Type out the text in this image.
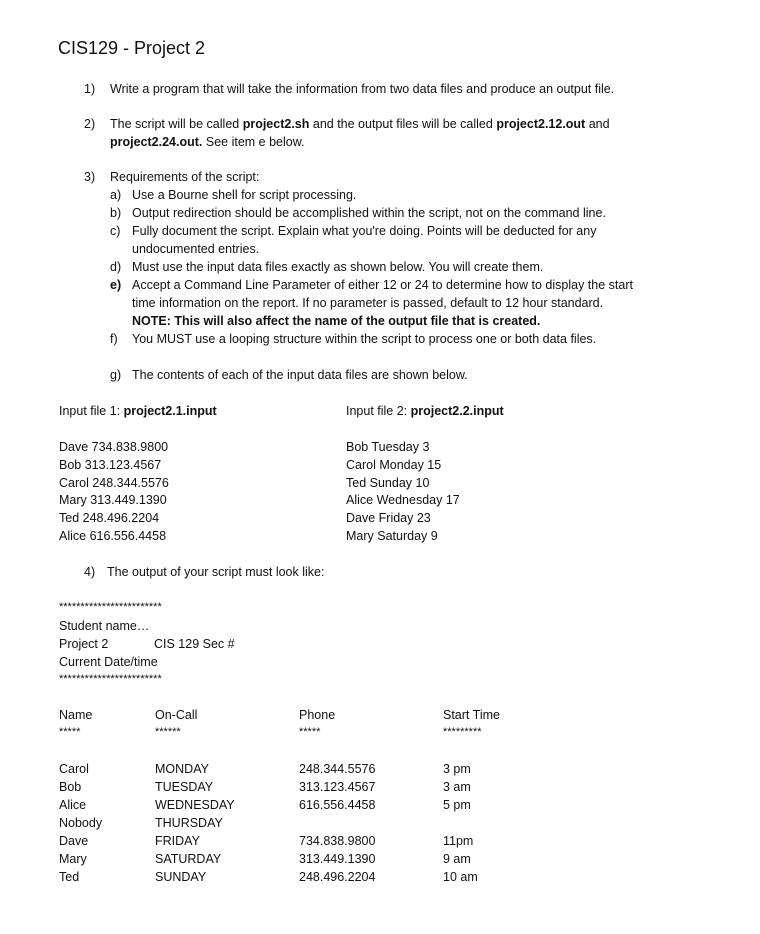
CIS129 - Project 2
1) Write a program that will take the information from two data files and produce an output file.
2) The script will be called project2.sh and the output files will be called project2.12.out and
project2.24.out. See item e below.
3) Requirements of the script:
a) Use a Bourne shell for script processing.
b) Output redirection should be accomplished within the script, not on the command line.
c) Fully document the script. Explain what you're doing. Points will be deducted for any
undocumented entries.
d) Must use the input data files exactly as shown below. You will create them.
e) Accept a Command Line Parameter of either 12 or 24 to determine how to display the start
time information on the report. If no parameter is passed, default to 12 hour standard.
NOTE: This will also affect the name of the output file that is created.
f) You MUST use a looping structure within the script to process one or both data files.
g) The contents of each of the input data files are shown below.
Input file 1: project2.1.input	Input file 2: project2.2.input
Dave 734.838.9800
Bob 313.123.4567
Carol 248.344.5576
Mary 313.449.1390
Ted 248.496.2204
Alice 616.556.4458
Bob Tuesday 3
Carol Monday 15
Ted Sunday 10
Alice Wednesday 17
Dave Friday 23
Mary Saturday 9
4) The output of your script must look like:
************************
Student name…
Project 2	CIS 129 Sec #
Current Date/time
************************
Name	On-Call	Phone	Start Time
*****	******	*****	*********
Carol	MONDAY	248.344.5576	3 pm
Bob	TUESDAY	313.123.4567	3 am
Alice	WEDNESDAY	616.556.4458	5 pm
Nobody	THURSDAY
Dave	FRIDAY	734.838.9800	11pm
Mary	SATURDAY	313.449.1390	9 am
Ted	SUNDAY	248.496.2204	10 am
